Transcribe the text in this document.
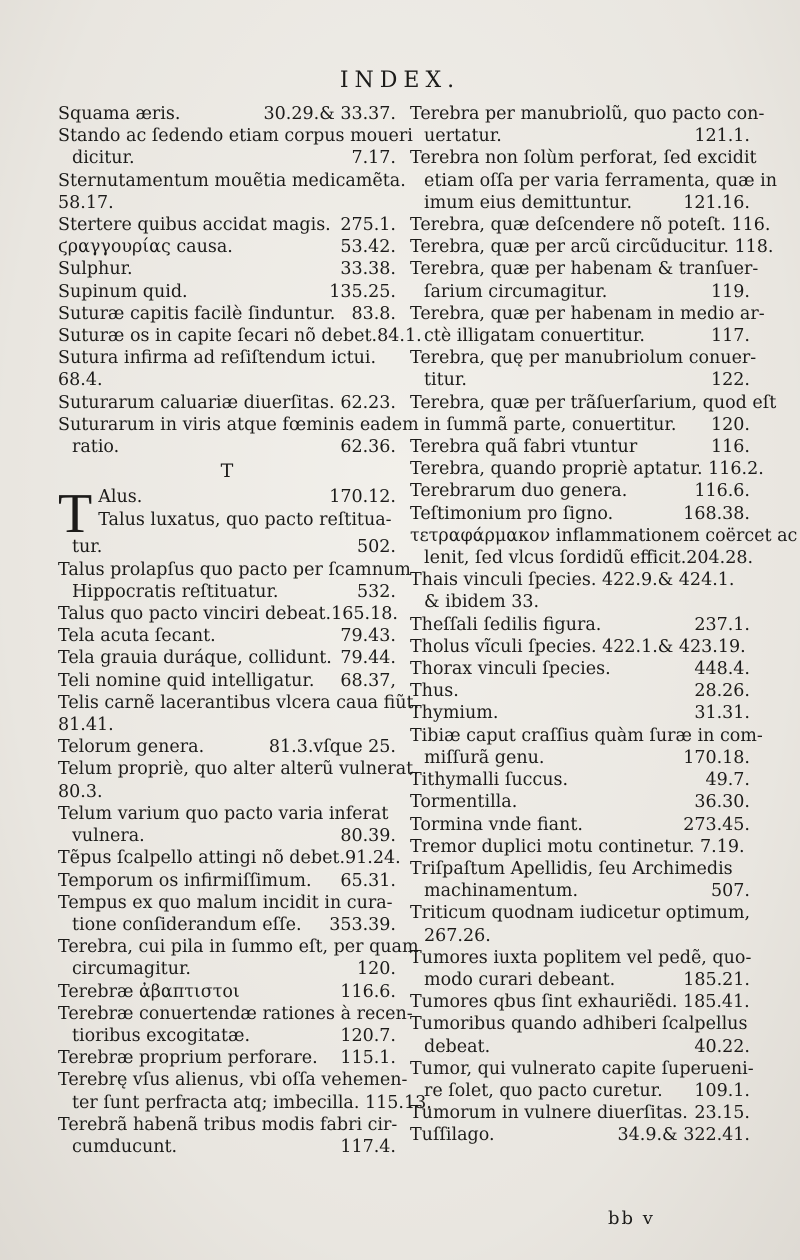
INDEX.
Squama æris.	30.29.& 33.37.
Stando ac ſedendo etiam corpus moueri
dicitur.	7.17.
Sternutamentum mouẽtia medicamẽta.
58.17.
Stertere quibus accidat magis. 275.1.
ϛραγγουρίας causa.	53.42.
Sulphur.	33.38.
Supinum quid.	135.25.
Suturæ capitis facilè ſinduntur. 83.8.
Suturæ os in capite ſecari nõ debet.84.1.
Sutura infirma ad reſiſtendum ictui.
68.4.
Suturarum caluariæ diuerſitas. 62.23.
Suturarum in viris atque fœminis eadem
ratio.	62.36.
T
T Alus.	170.12.
Talus luxatus, quo pacto reſtitua-
tur.	502.
Talus prolapſus quo pacto per ſcamnum
Hippocratis reſtituatur.	532.
Talus quo pacto vinciri debeat. 165.18.
Tela acuta ſecant.	79.43.
Tela grauia duráque, collidunt. 79.44.
Teli nomine quid intelligatur. 68.37,
Telis carnẽ lacerantibus vlcera caua fiũt.
81.41.
Telorum genera.	81.3.vſque 25.
Telum propriè, quo alter alterũ vulnerat.
80.3.
Telum varium quo pacto varia inferat
vulnera.	80.39.
Tẽpus ſcalpello attingi nõ debet.91.24.
Temporum os infirmiſſimum. 65.31.
Tempus ex quo malum incidit in cura-
tione conſiderandum eſſe. 353.39.
Terebra, cui pila in ſummo eſt, per quam
circumagitur.	120.
Terebræ ἀβαπτιστοι	116.6.
Terebræ conuertendæ rationes à recen-
tioribus excogitatæ.	120.7.
Terebræ proprium perforare. 115.1.
Terebrę vſus alienus, vbi oſſa vehemen-
ter ſunt perfracta atq; imbecilla. 115.13.
Terebrã habenã tribus modis fabri cir-
cumducunt.	117.4.
Terebra per manubriolũ, quo pacto con-
uertatur.	121.1.
Terebra non ſolùm perforat, ſed excidit
etiam oſſa per varia ferramenta, quæ in
imum eius demittuntur.	121.16.
Terebra, quæ deſcendere nõ poteſt. 116.
Terebra, quæ per arcũ circũducitur. 118.
Terebra, quæ per habenam & tranſuer-
ſarium circumagitur.	119.
Terebra, quæ per habenam in medio ar-
ctè illigatam conuertitur.	117.
Terebra, quę per manubriolum conuer-
titur.	122.
Terebra, quæ per trãſuerſarium, quod eſt
in ſummã parte, conuertitur. 120.
Terebra quã fabri vtuntur	116.
Terebra, quando propriè aptatur. 116.2.
Terebrarum duo genera.	116.6.
Teſtimonium pro ſigno.	168.38.
τετραφάρμακον inflammationem coërcet ac
lenit, ſed vlcus ſordidũ efficit.204.28.
Thais vinculi ſpecies. 422.9.& 424.1.
& ibidem 33.
Theſſali ſedilis figura.	237.1.
Tholus vĩculi ſpecies. 422.1.& 423.19.
Thorax vinculi ſpecies.	448.4.
Thus.	28.26.
Thymium.	31.31.
Tibiæ caput craſſius quàm ſuræ in com-
miſſurã genu.	170.18.
Tithymalli ſuccus.	49.7.
Tormentilla.	36.30.
Tormina vnde fiant.	273.45.
Tremor duplici motu continetur. 7.19.
Triſpaſtum Apellidis, ſeu Archimedis
machinamentum.	507.
Triticum quodnam iudicetur optimum,
267.26.
Tumores iuxta poplitem vel pedẽ, quo-
modo curari debeant.	185.21.
Tumores qbus ſint exhauriẽdi. 185.41.
Tumoribus quando adhiberi ſcalpellus
debeat.	40.22.
Tumor, qui vulnerato capite ſuperueni-
re ſolet, quo pacto curetur. 109.1.
Tumorum in vulnere diuerſitas. 23.15.
Tuſſilago.	34.9.& 322.41.
bb v
